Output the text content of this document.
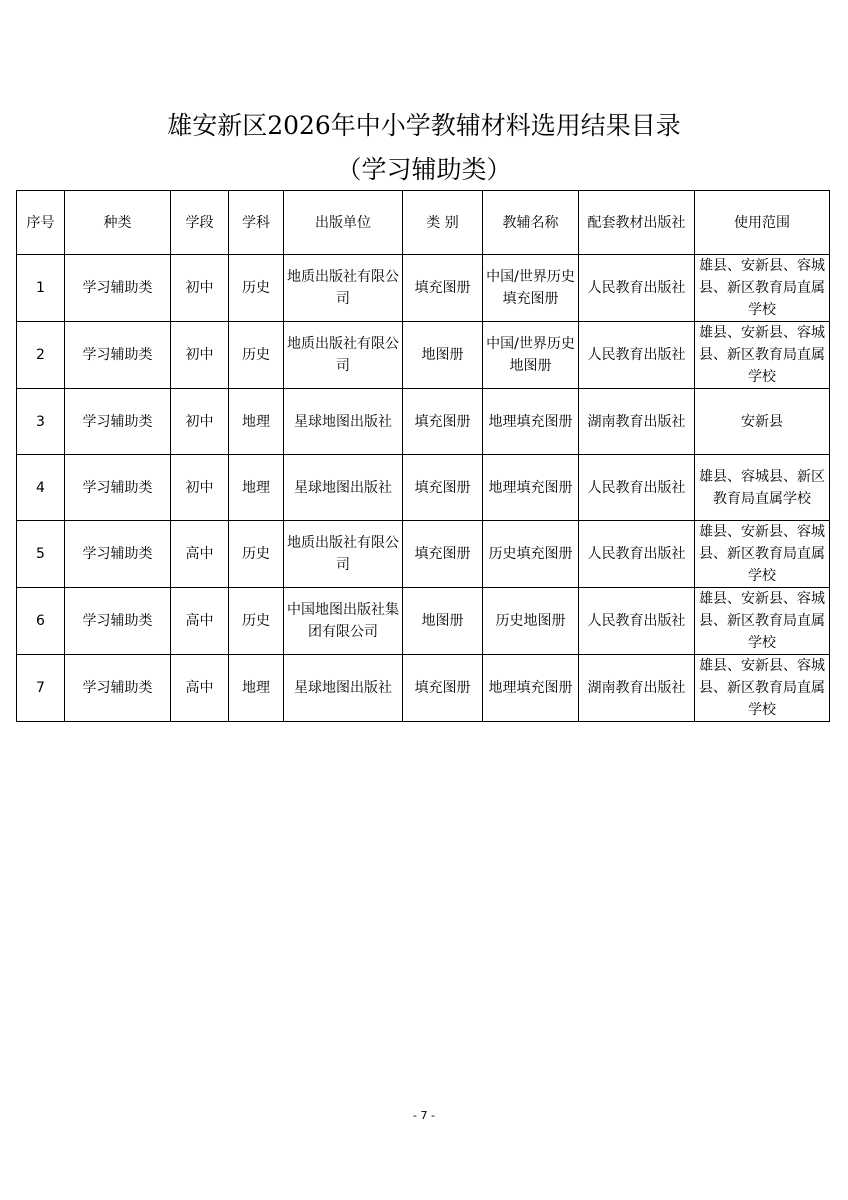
雄安新区2026年中小学教辅材料选用结果目录
（学习辅助类）
序号	种类	学段	学科	出版单位	类 别	教辅名称	配套教材出版社	使用范围
1	学习辅助类	初中	历史	地质出版社有限公司	填充图册	中国/世界历史填充图册	人民教育出版社	雄县、安新县、容城县、新区教育局直属学校
2	学习辅助类	初中	历史	地质出版社有限公司	地图册	中国/世界历史地图册	人民教育出版社	雄县、安新县、容城县、新区教育局直属学校
3	学习辅助类	初中	地理	星球地图出版社	填充图册	地理填充图册	湖南教育出版社	安新县
4	学习辅助类	初中	地理	星球地图出版社	填充图册	地理填充图册	人民教育出版社	雄县、容城县、新区教育局直属学校
5	学习辅助类	高中	历史	地质出版社有限公司	填充图册	历史填充图册	人民教育出版社	雄县、安新县、容城县、新区教育局直属学校
6	学习辅助类	高中	历史	中国地图出版社集团有限公司	地图册	历史地图册	人民教育出版社	雄县、安新县、容城县、新区教育局直属学校
7	学习辅助类	高中	地理	星球地图出版社	填充图册	地理填充图册	湖南教育出版社	雄县、安新县、容城县、新区教育局直属学校
- 7 -
